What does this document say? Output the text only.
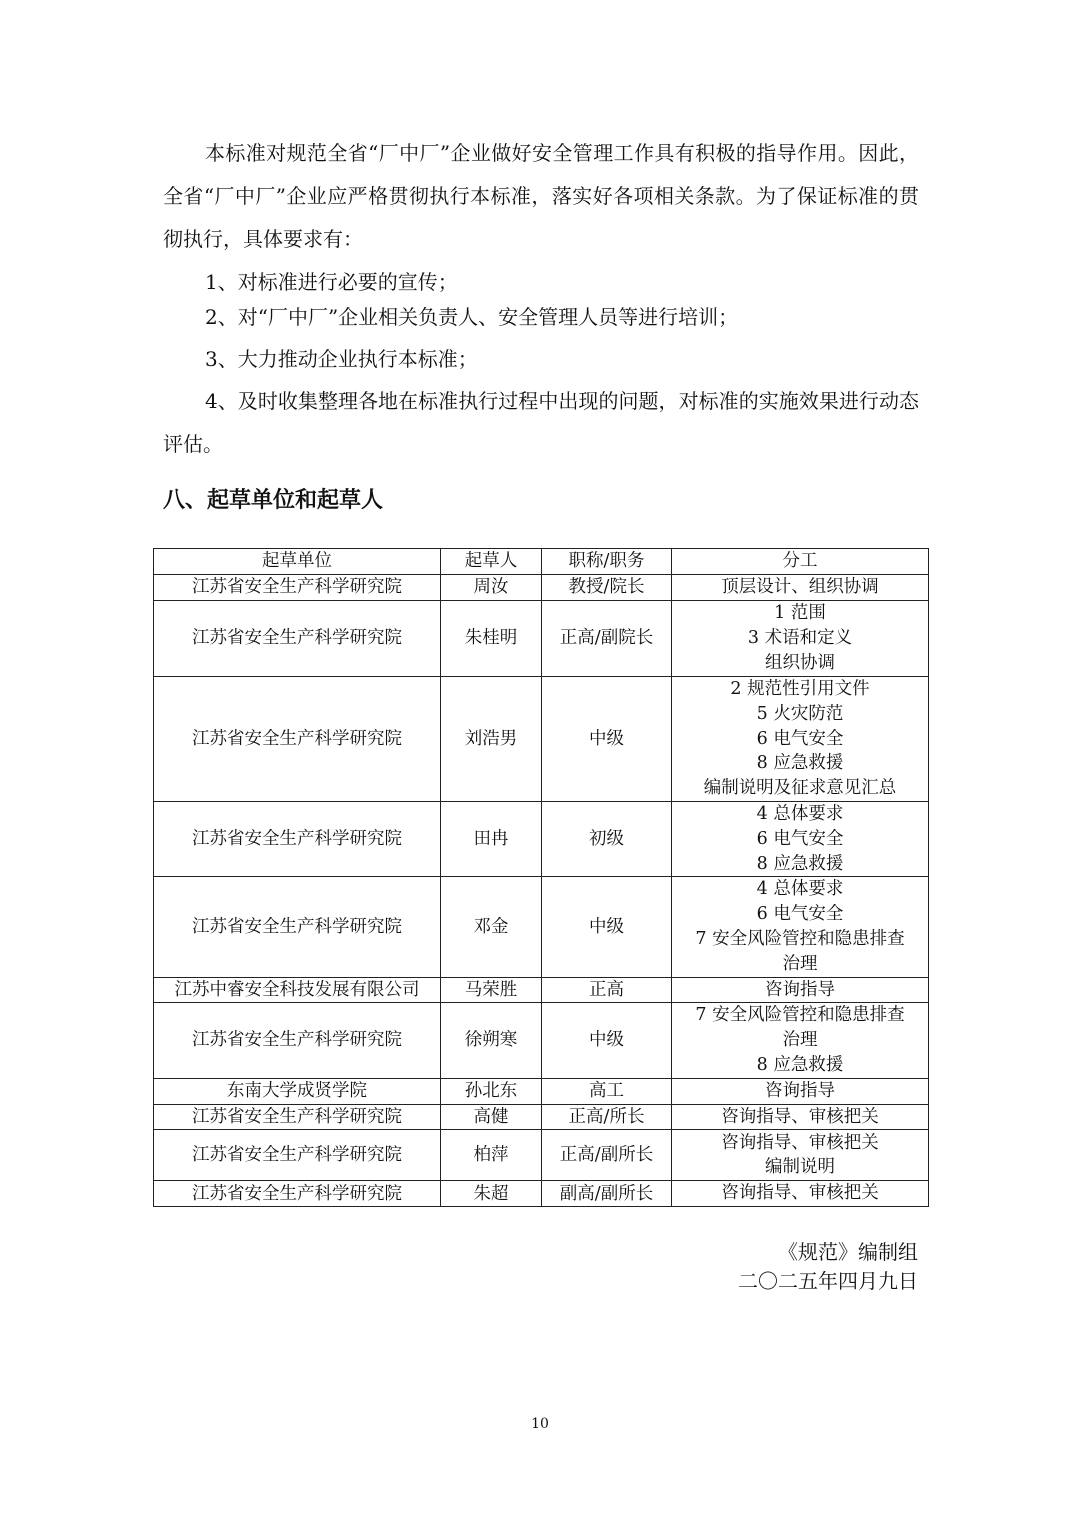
本标准对规范全省“厂中厂”企业做好安全管理工作具有积极的指导作用。因此，全省“厂中厂”企业应严格贯彻执行本标准，落实好各项相关条款。为了保证标准的贯彻执行，具体要求有：

1、对标准进行必要的宣传；

2、对“厂中厂”企业相关负责人、安全管理人员等进行培训；

3、大力推动企业执行本标准；

4、及时收集整理各地在标准执行过程中出现的问题，对标准的实施效果进行动态评估。

八、起草单位和起草人
起草单位	起草人	职称/职务	分工
江苏省安全生产科学研究院	周汝	教授/院长	顶层设计、组织协调

江苏省安全生产科学研究院	朱桂明	正高/副院长	1 范围
3 术语和定义
组织协调

江苏省安全生产科学研究院	刘浩男	中级	2 规范性引用文件
5 火灾防范
6 电气安全
8 应急救援
编制说明及征求意见汇总

江苏省安全生产科学研究院	田冉	初级	4 总体要求
6 电气安全
8 应急救援

江苏省安全生产科学研究院	邓金	中级	4 总体要求
6 电气安全
7 安全风险管控和隐患排查
治理

江苏中睿安全科技发展有限公司	马荣胜	正高	咨询指导

江苏省安全生产科学研究院	徐朔寒	中级	7 安全风险管控和隐患排查
治理
8 应急救援

东南大学成贤学院	孙北东	高工	咨询指导

江苏省安全生产科学研究院	高健	正高/所长	咨询指导、审核把关

江苏省安全生产科学研究院	柏萍	正高/副所长	咨询指导、审核把关
编制说明

江苏省安全生产科学研究院	朱超	副高/副所长	咨询指导、审核把关

《规范》编制组

二〇二五年四月九日

10
